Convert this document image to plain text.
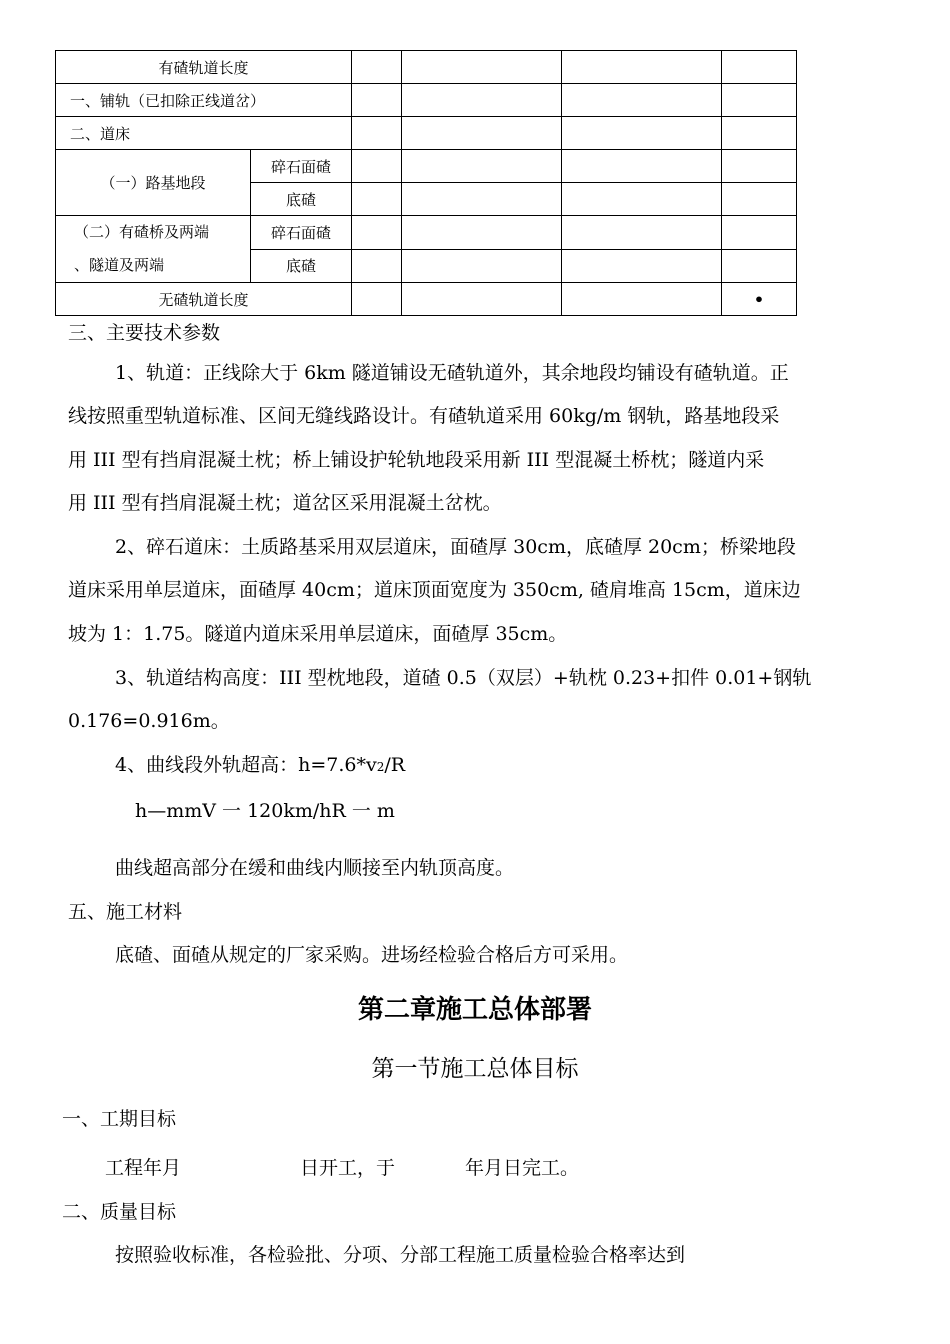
有碴轨道长度					
一、铺轨（已扣除正线道岔）					
二、道床					
（一）路基地段	碎石面碴				
	底碴				

（二）有碴桥及两端
、隧道及两端	碎石面碴				
	底碴				
无碴轨道长度					•

三、主要技术参数

1、轨道：正线除大于 6km 隧道铺设无碴轨道外，其余地段均铺设有碴轨道。正

线按照重型轨道标准、区间无缝线路设计。有碴轨道采用 60kg/m 钢轨，路基地段采

用 III 型有挡肩混凝土枕；桥上铺设护轮轨地段采用新 III 型混凝土桥枕；隧道内采

用 III 型有挡肩混凝土枕；道岔区采用混凝土岔枕。

2、碎石道床：土质路基采用双层道床，面碴厚 30cm，底碴厚 20cm；桥梁地段

道床采用单层道床，面碴厚 40cm；道床顶面宽度为 350cm, 碴肩堆高 15cm，道床边

坡为 1：1.75。隧道内道床采用单层道床，面碴厚 35cm。

3、轨道结构高度：III 型枕地段，道碴 0.5（双层）+轨枕 0.23+扣件 0.01+钢轨

0.176=0.916m。

4、曲线段外轨超高：h=7.6*v2/R

h—mmV 一 120km/hR 一 m

曲线超高部分在缓和曲线内顺接至内轨顶高度。

五、施工材料

底碴、面碴从规定的厂家采购。进场经检验合格后方可采用。

第二章施工总体部署
第一节施工总体目标

一、工期目标

工程年月	日开工，于	年月日完工。

二、质量目标

按照验收标准，各检验批、分项、分部工程施工质量检验合格率达到
